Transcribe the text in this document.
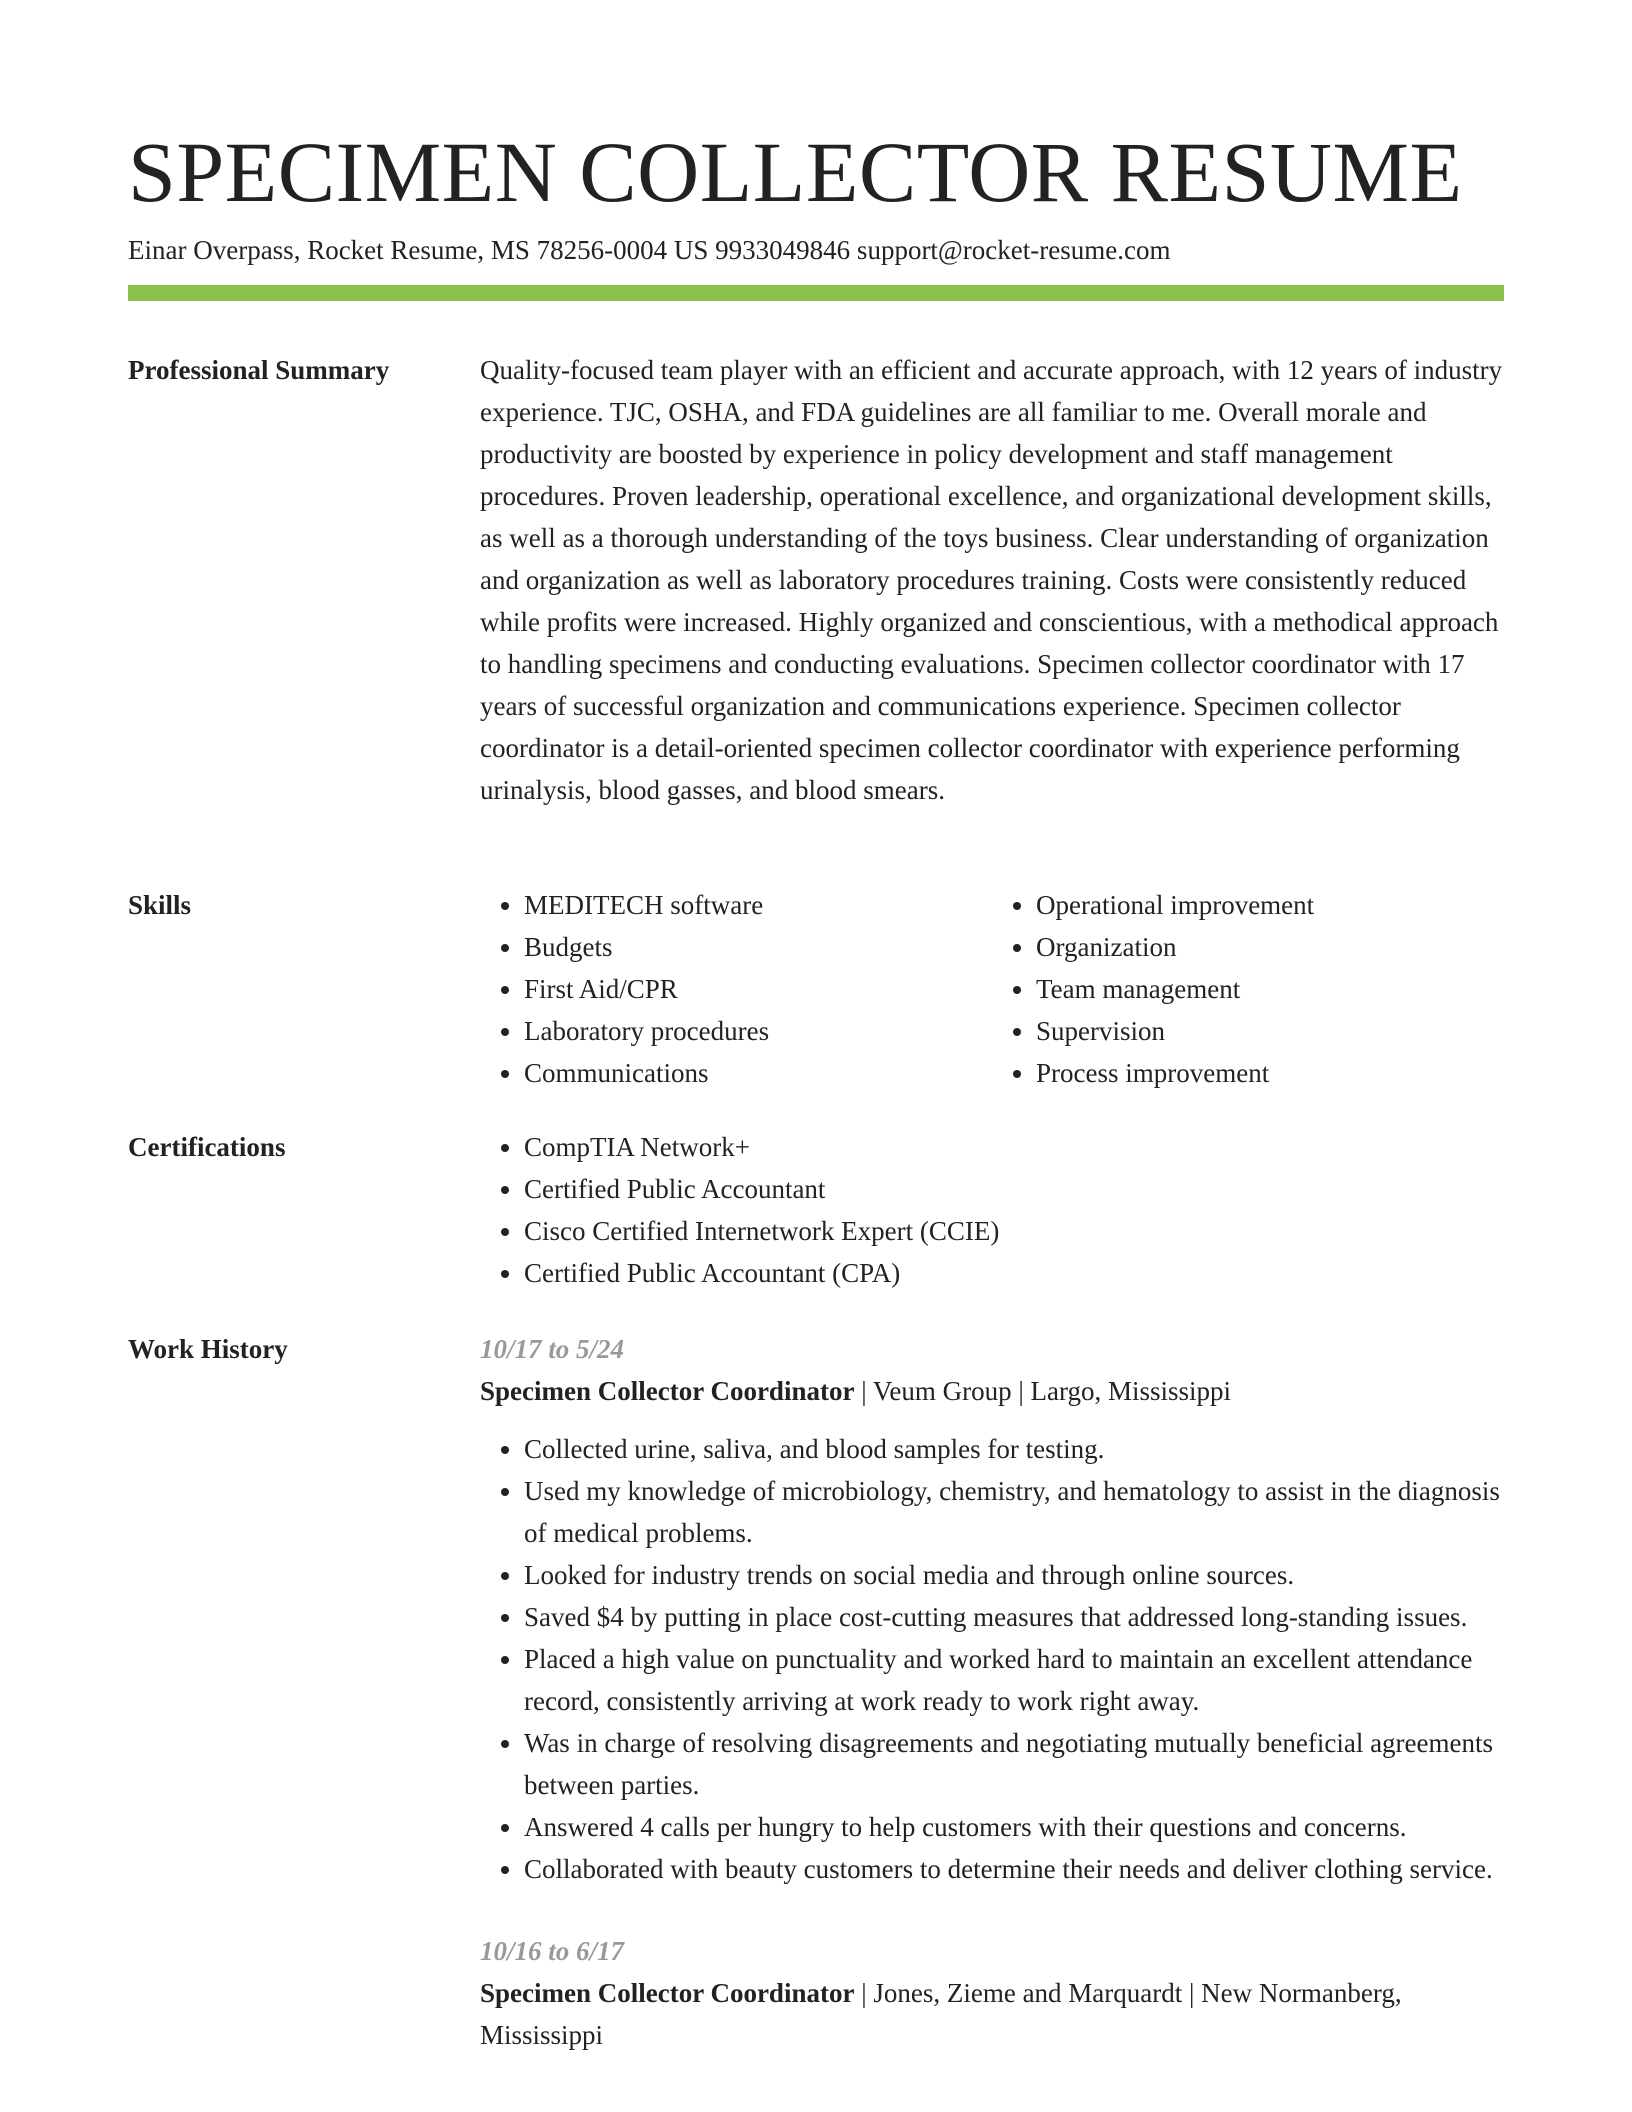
SPECIMEN COLLECTOR RESUME
Einar Overpass, Rocket Resume, MS 78256-0004 US 9933049846 support@rocket-resume.com
Professional Summary	Quality-focused team player with an efficient and accurate approach, with 12 years of industry experience. TJC, OSHA, and FDA guidelines are all familiar to me. Overall morale and productivity are boosted by experience in policy development and staff management procedures. Proven leadership, operational excellence, and organizational development skills, as well as a thorough understanding of the toys business. Clear understanding of organization and organization as well as laboratory procedures training. Costs were consistently reduced while profits were increased. Highly organized and conscientious, with a methodical approach to handling specimens and conducting evaluations. Specimen collector coordinator with 17 years of successful organization and communications experience. Specimen collector coordinator is a detail-oriented specimen collector coordinator with experience performing urinalysis, blood gasses, and blood smears.

Skills	• MEDITECH software
• Budgets
• First Aid/CPR
• Laboratory procedures
• Communications
• Operational improvement
• Organization
• Team management
• Supervision
• Process improvement
Certifications	• CompTIA Network+
• Certified Public Accountant
• Cisco Certified Internetwork Expert (CCIE)
• Certified Public Accountant (CPA)
Work History	10/17 to 5/24
Specimen Collector Coordinator | Veum Group | Largo, Mississippi
• Collected urine, saliva, and blood samples for testing.
• Used my knowledge of microbiology, chemistry, and hematology to assist in the diagnosis of medical problems.
• Looked for industry trends on social media and through online sources.
• Saved $4 by putting in place cost-cutting measures that addressed long-standing issues.
• Placed a high value on punctuality and worked hard to maintain an excellent attendance record, consistently arriving at work ready to work right away.
• Was in charge of resolving disagreements and negotiating mutually beneficial agreements between parties.
• Answered 4 calls per hungry to help customers with their questions and concerns.
• Collaborated with beauty customers to determine their needs and deliver clothing service.
10/16 to 6/17
Specimen Collector Coordinator | Jones, Zieme and Marquardt | New Normanberg, Mississippi
